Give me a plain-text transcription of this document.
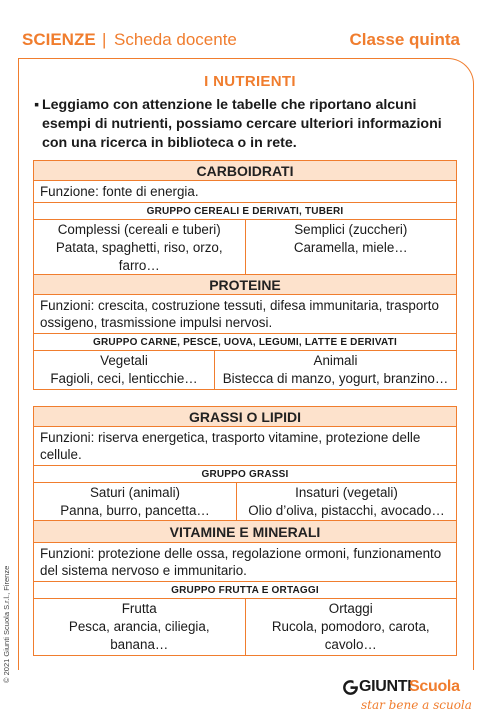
SCIENZE | Scheda docente	Classe quinta
I NUTRIENTI
▪ Leggiamo con attenzione le tabelle che riportano alcuni esempi di nutrienti, possiamo cercare ulteriori informazioni con una ricerca in biblioteca o in rete.
CARBOIDRATI
Funzione: fonte di energia.
GRUPPO CEREALI E DERIVATI, TUBERI
Complessi (cereali e tuberi)
Patata, spaghetti, riso, orzo, farro…
Semplici (zuccheri)
Caramella, miele…
PROTEINE
Funzioni: crescita, costruzione tessuti, difesa immunitaria, trasporto ossigeno, trasmissione impulsi nervosi.
GRUPPO CARNE, PESCE, UOVA, LEGUMI, LATTE E DERIVATI
Vegetali
Fagioli, ceci, lenticchie…
Animali
Bistecca di manzo, yogurt, branzino…
GRASSI O LIPIDI
Funzioni: riserva energetica, trasporto vitamine, protezione delle cellule.
GRUPPO GRASSI
Saturi (animali)
Panna, burro, pancetta…
Insaturi (vegetali)
Olio d’oliva, pistacchi, avocado…
VITAMINE E MINERALI
Funzioni: protezione delle ossa, regolazione ormoni, funzionamento del sistema nervoso e immunitario.
GRUPPO FRUTTA E ORTAGGI
Frutta
Pesca, arancia, ciliegia, banana…
Ortaggi
Rucola, pomodoro, carota, cavolo…
© 2021 Giunti Scuola S.r.l., Firenze
GIUNTI
Scuola
star bene a scuola
